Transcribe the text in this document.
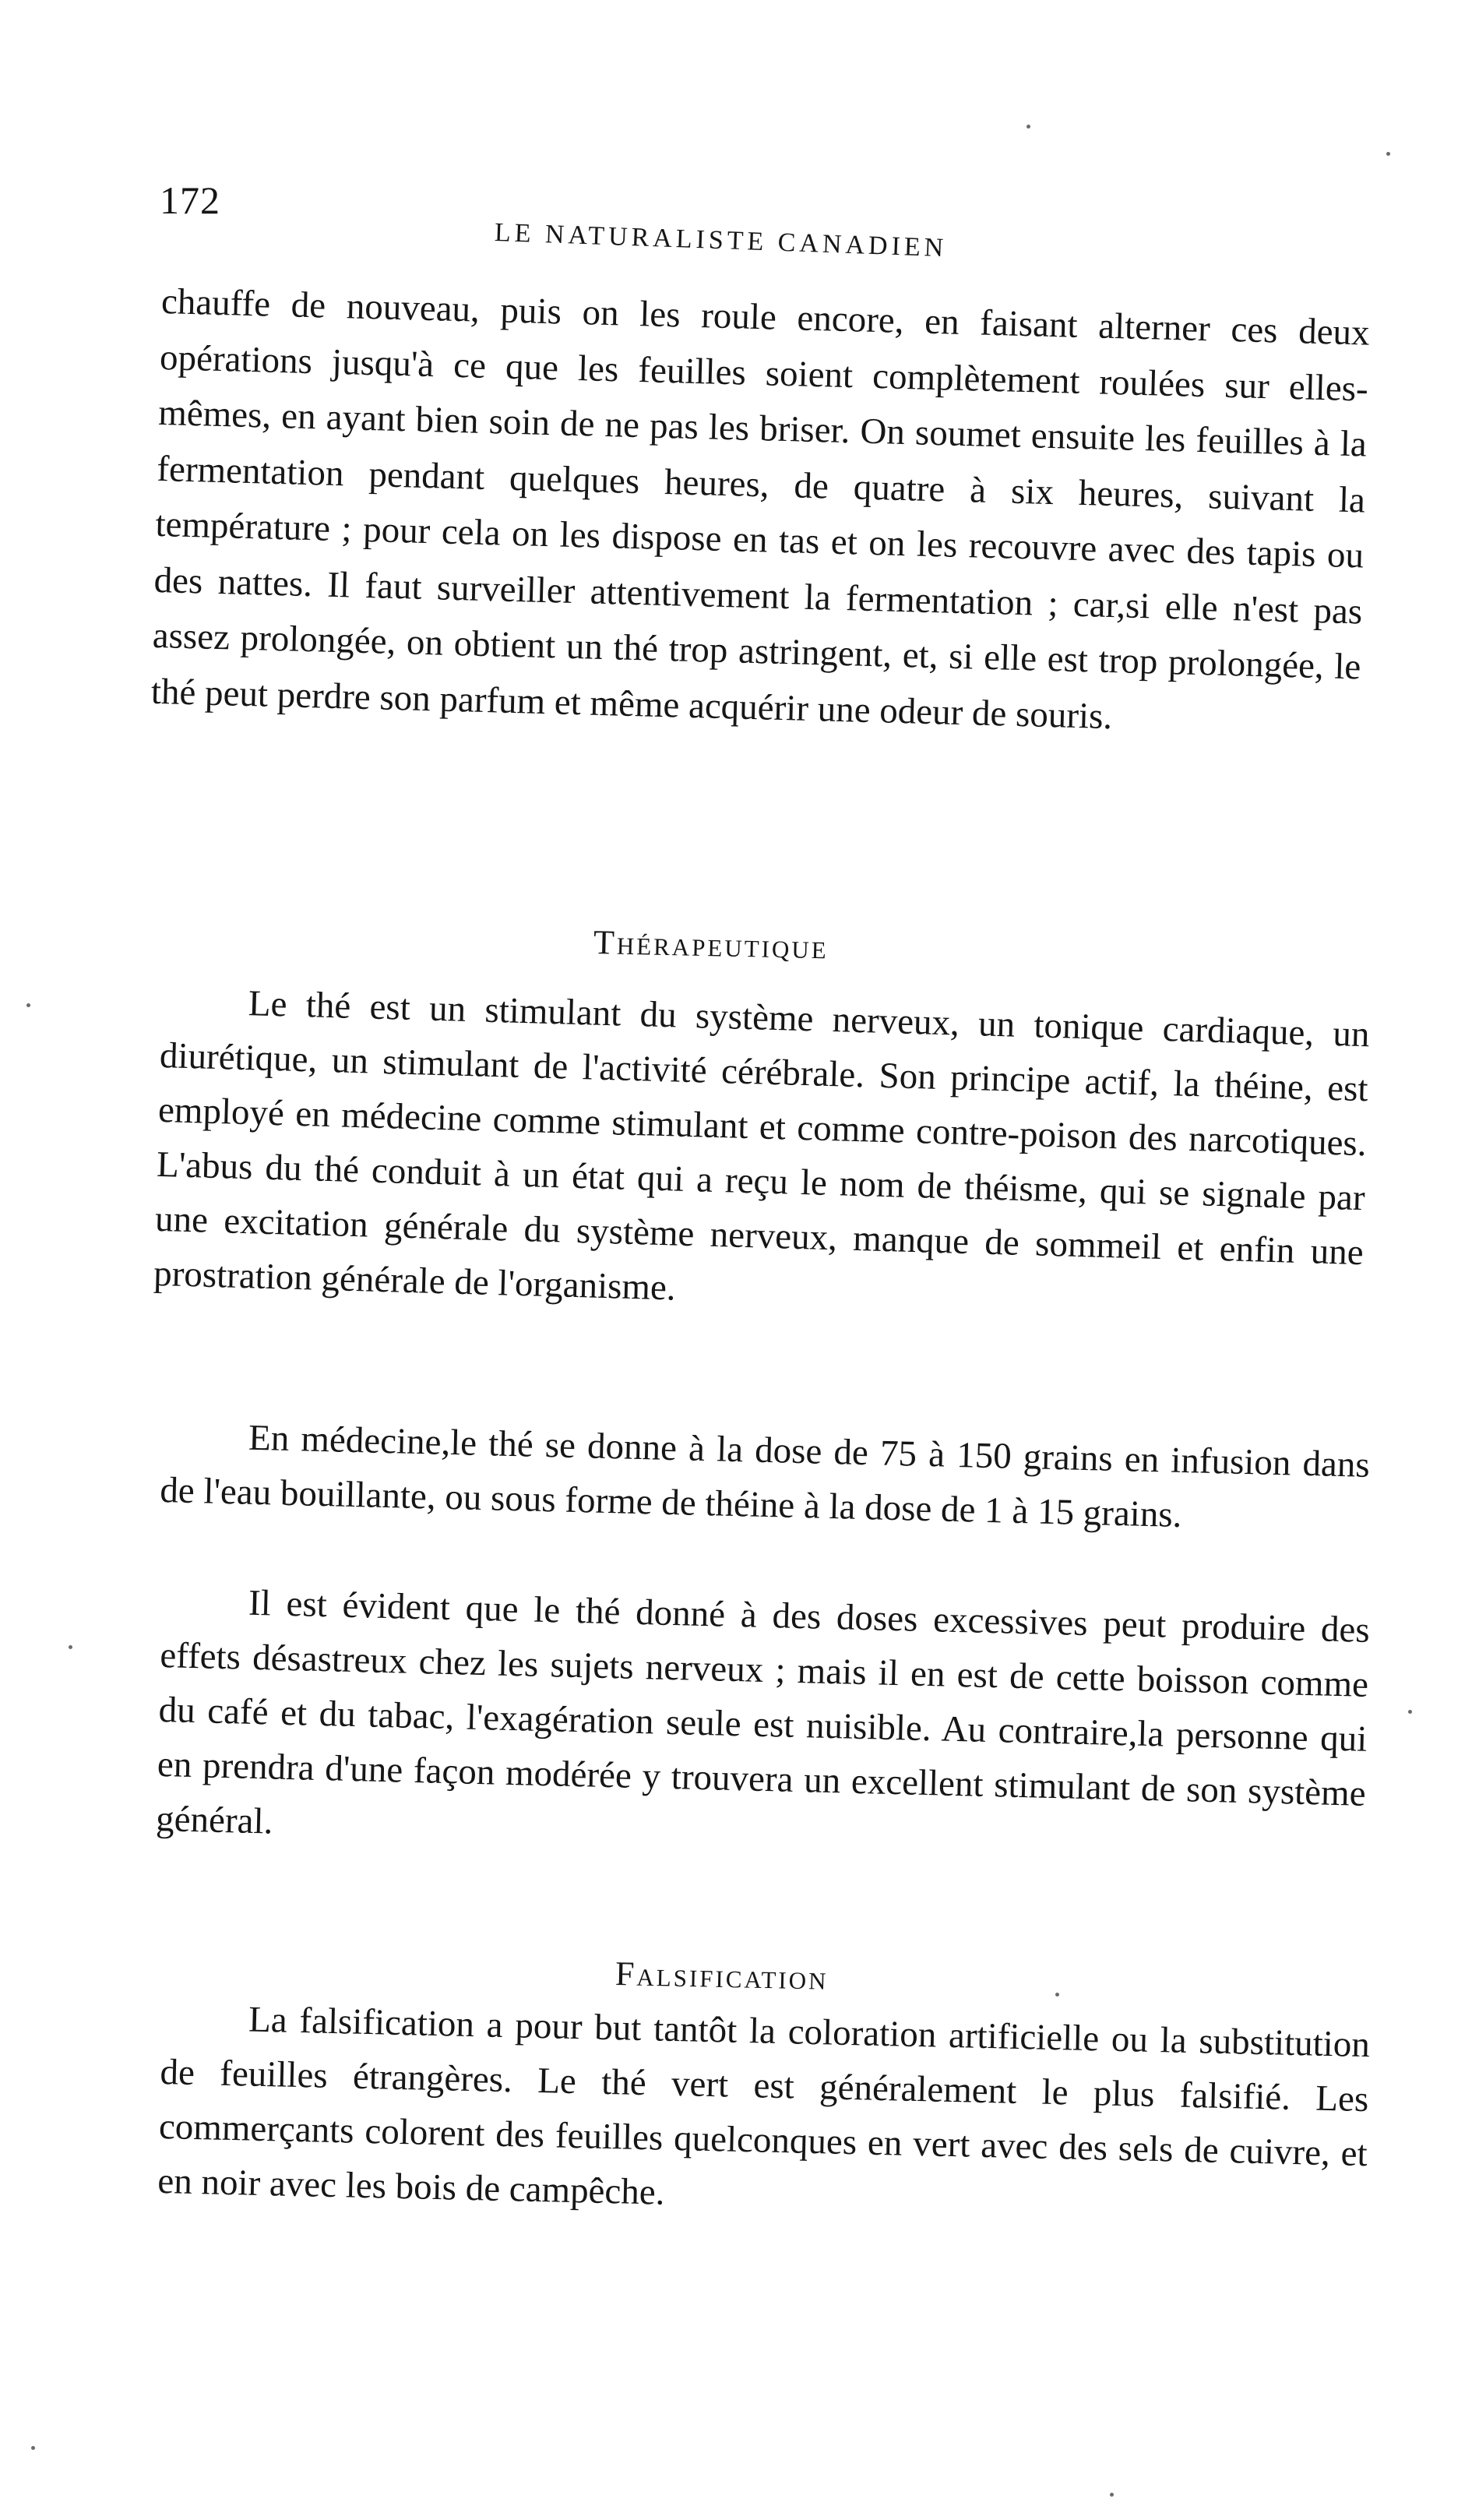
172
LE NATURALISTE CANADIEN

chauffe de nouveau, puis on les roule encore, en faisant alterner ces deux opérations jusqu'à ce que les feuilles soient complètement roulées sur elles-mêmes, en ayant bien soin de ne pas les briser. On soumet ensuite les feuilles à la fermentation pendant quelques heures, de quatre à six heures, suivant la température ; pour cela on les dispose en tas et on les recouvre avec des tapis ou des nattes. Il faut surveiller attentivement la fermentation ; car,si elle n'est pas assez prolongée, on obtient un thé trop astringent, et, si elle est trop prolongée, le thé peut perdre son parfum et même acquérir une odeur de souris.

Thérapeutique

Le thé est un stimulant du système nerveux, un tonique cardiaque, un diurétique, un stimulant de l'activité cérébrale. Son principe actif, la théine, est employé en médecine comme stimulant et comme contre-poison des narcotiques. L'abus du thé conduit à un état qui a reçu le nom de théisme, qui se signale par une excitation générale du système nerveux, manque de sommeil et enfin une prostration générale de l'organisme.

En médecine,le thé se donne à la dose de 75 à 150 grains en infusion dans de l'eau bouillante, ou sous forme de théine à la dose de 1 à 15 grains.

Il est évident que le thé donné à des doses excessives peut produire des effets désastreux chez les sujets nerveux ; mais il en est de cette boisson comme du café et du tabac, l'exagération seule est nuisible. Au contraire,la personne qui en prendra d'une façon modérée y trouvera un excellent stimulant de son système général.

Falsification

La falsification a pour but tantôt la coloration artificielle ou la substitution de feuilles étrangères. Le thé vert est généralement le plus falsifié. Les commerçants colorent des feuilles quelconques en vert avec des sels de cuivre, et en noir avec les bois de campêche.
